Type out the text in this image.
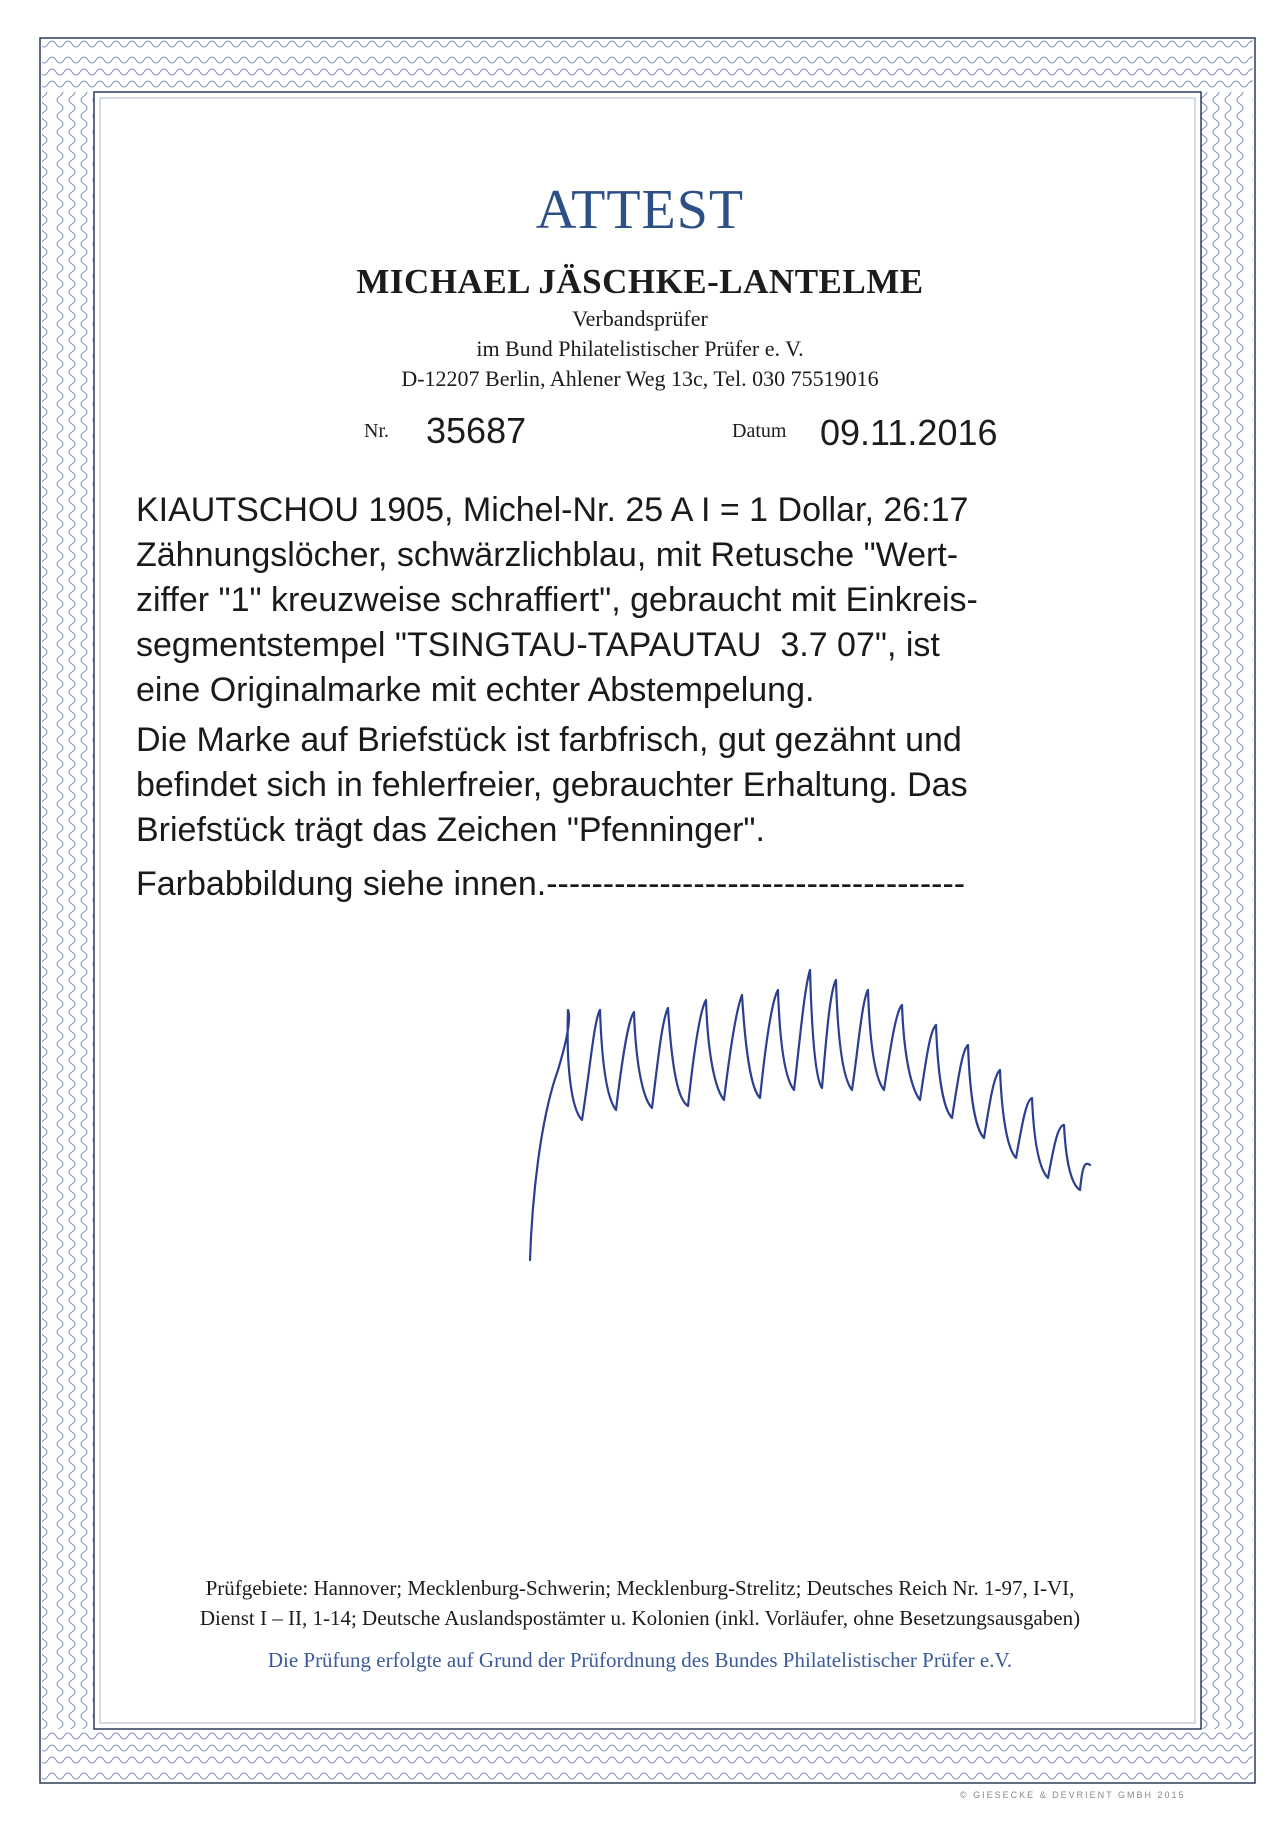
ATTEST
MICHAEL JÄSCHKE-LANTELME
Verbandsprüfer
im Bund Philatelistischer Prüfer e. V.
D-12207 Berlin, Ahlener Weg 13c, Tel. 030 75519016
Nr. 35687	Datum 09.11.2016
KIAUTSCHOU 1905, Michel-Nr. 25 A I = 1 Dollar, 26:17
Zähnungslöcher, schwärzlichblau, mit Retusche "Wert-
ziffer "1" kreuzweise schraffiert", gebraucht mit Einkreis-
segmentstempel "TSINGTAU-TAPAUTAU  3.7 07", ist
eine Originalmarke mit echter Abstempelung.
Die Marke auf Briefstück ist farbfrisch, gut gezähnt und
befindet sich in fehlerfreier, gebrauchter Erhaltung. Das
Briefstück trägt das Zeichen "Pfenninger".
Farbabbildung siehe innen.-------------------------------------
Prüfgebiete: Hannover; Mecklenburg-Schwerin; Mecklenburg-Strelitz; Deutsches Reich Nr. 1-97, I-VI,
Dienst I – II, 1-14; Deutsche Auslandspostämter u. Kolonien (inkl. Vorläufer, ohne Besetzungsausgaben)
Die Prüfung erfolgte auf Grund der Prüfordnung des Bundes Philatelistischer Prüfer e.V.
© GIESECKE & DEVRIENT GMBH 2015
